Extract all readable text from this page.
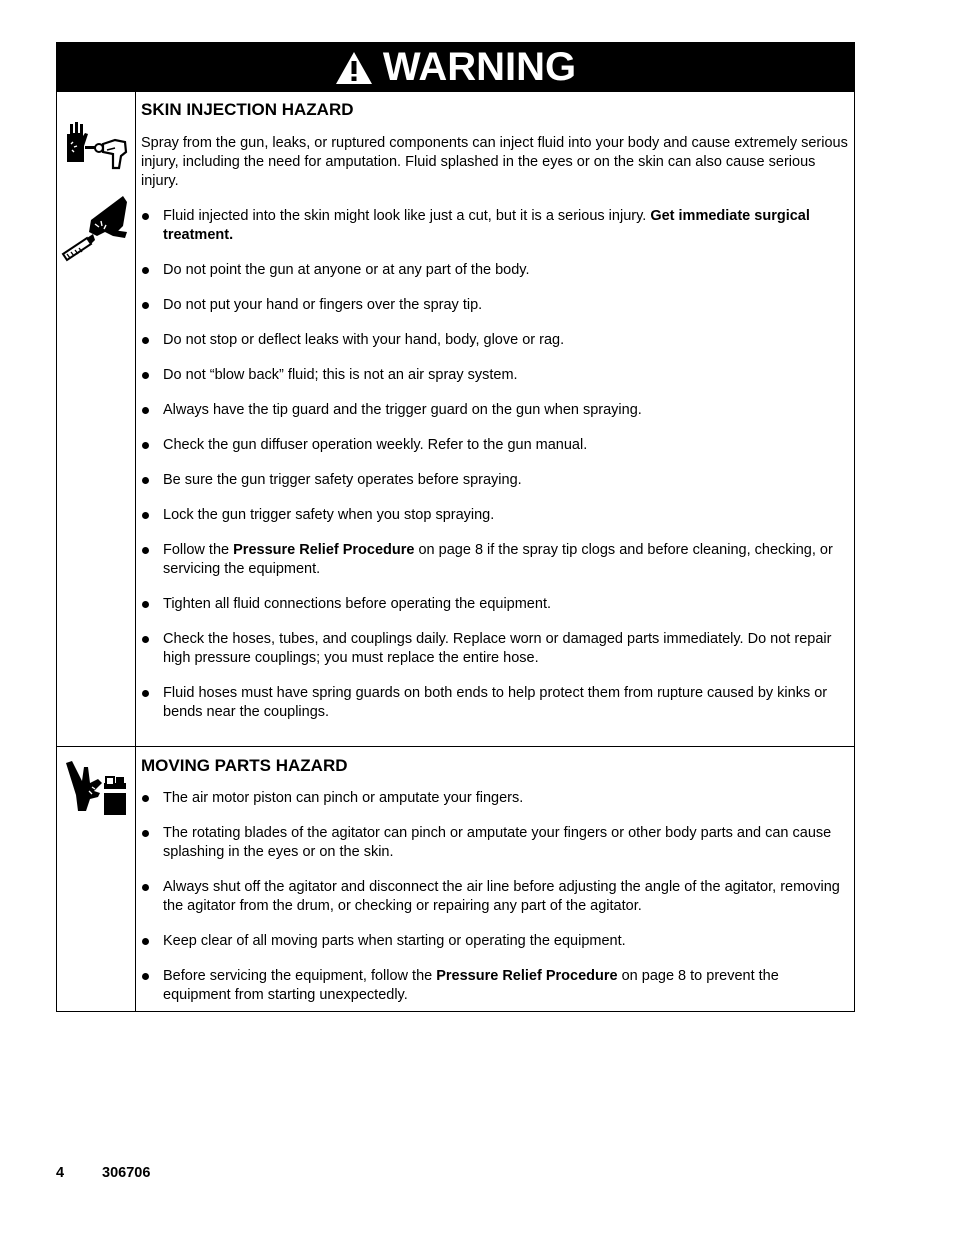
WARNING
SKIN INJECTION HAZARD

Spray from the gun, leaks, or ruptured components can inject fluid into your body and cause extremely serious injury, including the need for amputation. Fluid splashed in the eyes or on the skin can also cause serious injury.

Fluid injected into the skin might look like just a cut, but it is a serious injury. Get immediate surgical treatment.
Do not point the gun at anyone or at any part of the body.
Do not put your hand or fingers over the spray tip.
Do not stop or deflect leaks with your hand, body, glove or rag.
Do not “blow back” fluid; this is not an air spray system.
Always have the tip guard and the trigger guard on the gun when spraying.
Check the gun diffuser operation weekly. Refer to the gun manual.
Be sure the gun trigger safety operates before spraying.
Lock the gun trigger safety when you stop spraying.
Follow the Pressure Relief Procedure on page 8 if the spray tip clogs and before cleaning, checking, or servicing the equipment.
Tighten all fluid connections before operating the equipment.
Check the hoses, tubes, and couplings daily. Replace worn or damaged parts immediately. Do not repair high pressure couplings; you must replace the entire hose.
Fluid hoses must have spring guards on both ends to help protect them from rupture caused by kinks or bends near the couplings.
MOVING PARTS HAZARD
The air motor piston can pinch or amputate your fingers.
The rotating blades of the agitator can pinch or amputate your fingers or other body parts and can cause splashing in the eyes or on the skin.
Always shut off the agitator and disconnect the air line before adjusting the angle of the agitator, removing the agitator from the drum, or checking or repairing any part of the agitator.
Keep clear of all moving parts when starting or operating the equipment.
Before servicing the equipment, follow the Pressure Relief Procedure on page 8 to prevent the equipment from starting unexpectedly.
4	306706
